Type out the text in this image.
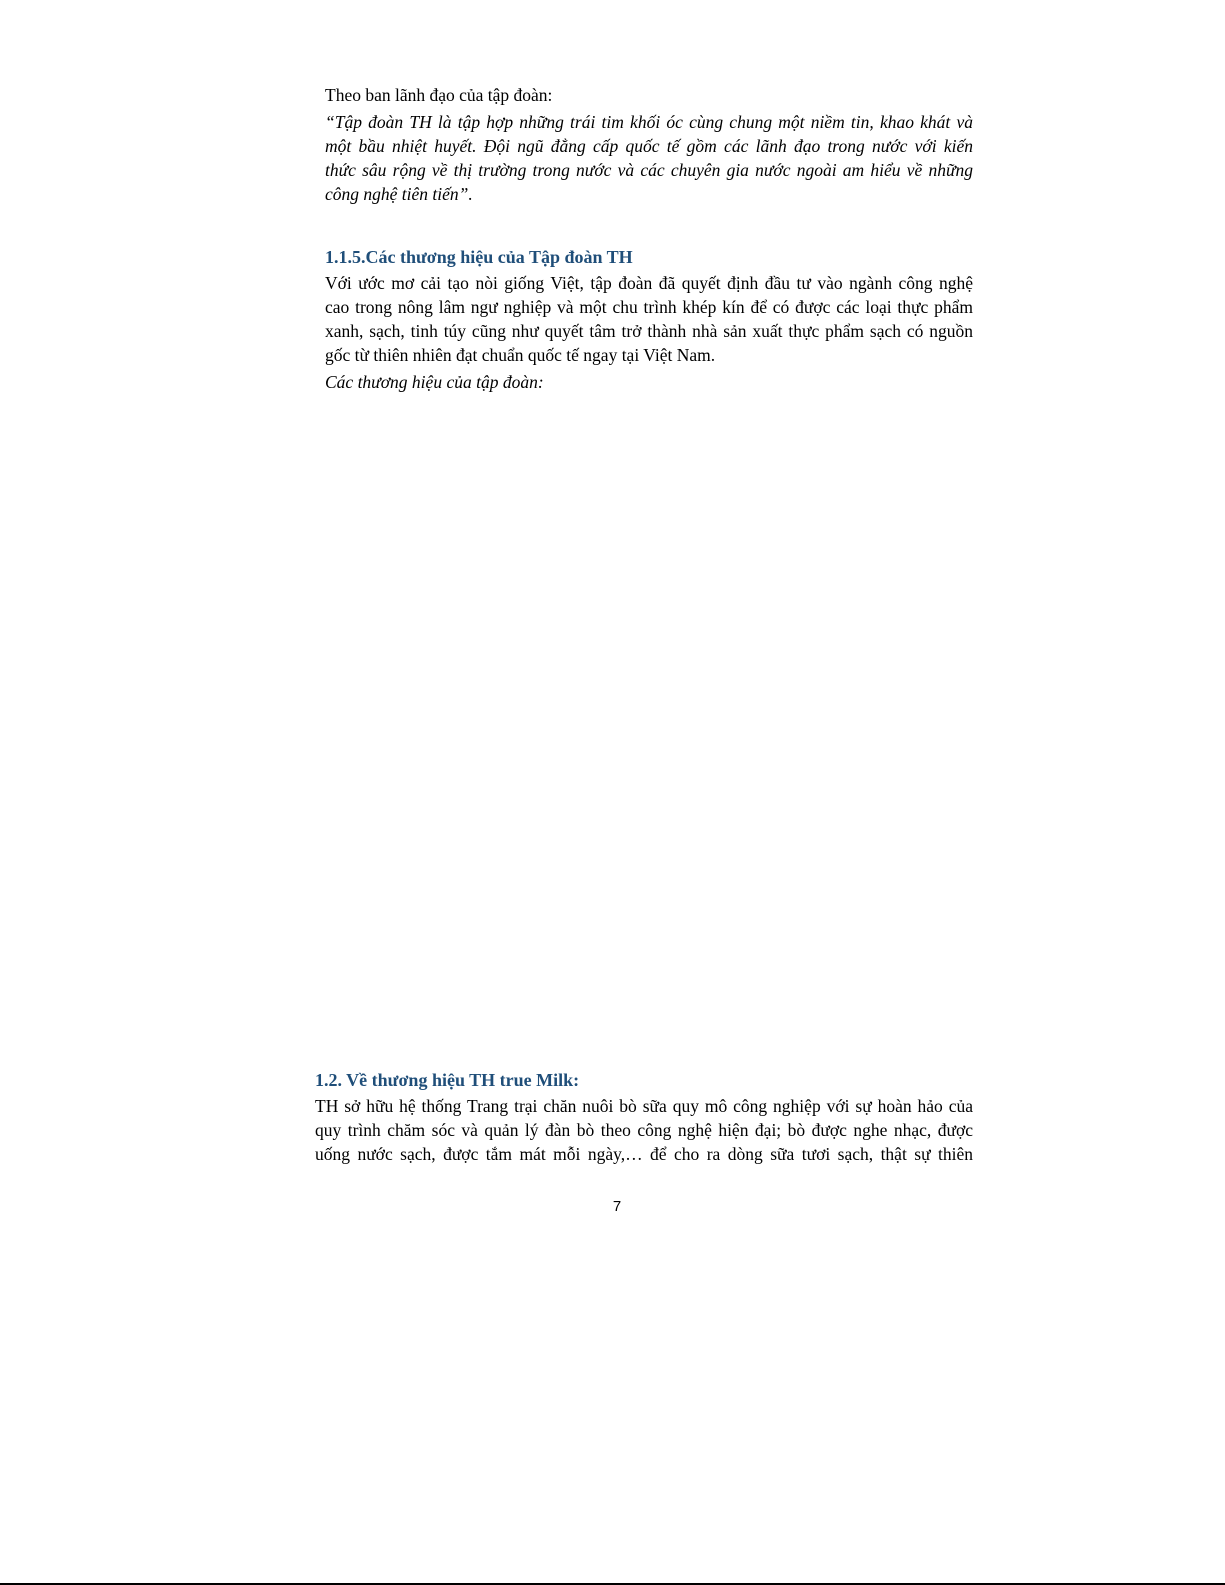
Theo ban lãnh đạo của tập đoàn:

“Tập đoàn TH là tập hợp những trái tim khối óc cùng chung một niềm tin, khao khát và

một bầu nhiệt huyết. Đội ngũ đẳng cấp quốc tế gồm các lãnh đạo trong nước với kiến

thức sâu rộng về thị trường trong nước và các chuyên gia nước ngoài am hiểu về những

công nghệ tiên tiến”.

1.1.5.Các thương hiệu của Tập đoàn TH

Với ước mơ cải tạo nòi giống Việt, tập đoàn đã quyết định đầu tư vào ngành công nghệ

cao trong nông lâm ngư nghiệp và một chu trình khép kín để có được các loại thực phẩm

xanh, sạch, tinh túy cũng như quyết tâm trở thành nhà sản xuất thực phẩm sạch có nguồn

gốc từ thiên nhiên đạt chuẩn quốc tế ngay tại Việt Nam.

Các thương hiệu của tập đoàn:

1.2. Về thương hiệu TH true Milk:

TH sở hữu hệ thống Trang trại chăn nuôi bò sữa quy mô công nghiệp với sự hoàn hảo của

quy trình chăm sóc và quản lý đàn bò theo công nghệ hiện đại; bò được nghe nhạc, được

uống nước sạch, được tắm mát mỗi ngày,… để cho ra dòng sữa tươi sạch, thật sự thiên

7
